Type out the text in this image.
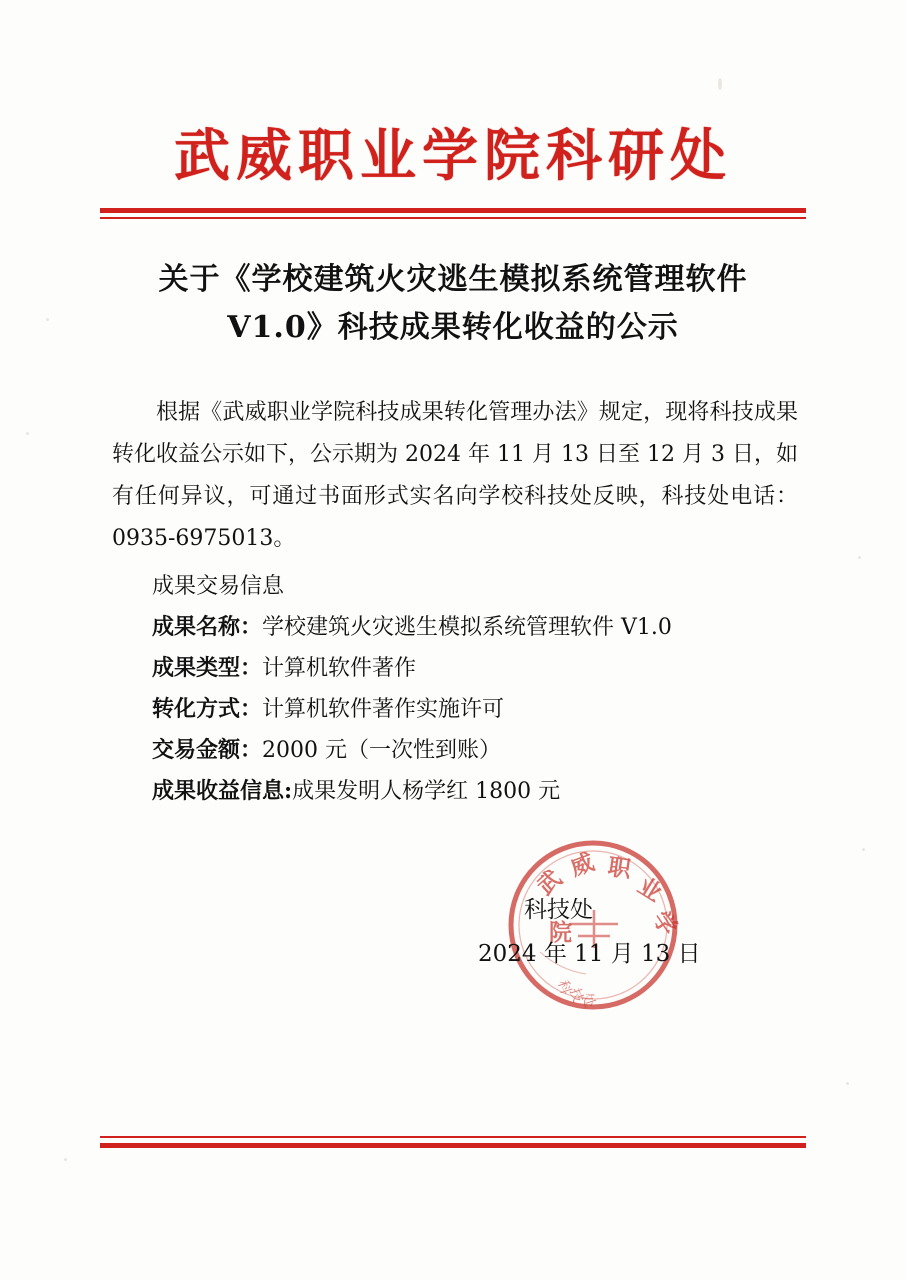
武威职业学院科研处
关于《学校建筑火灾逃生模拟系统管理软件
V1.0》科技成果转化收益的公示

根据《武威职业学院科技成果转化管理办法》规定，现将科技成果转化收益公示如下，公示期为 2024 年 11 月 13 日至 12 月 3 日，如有任何异议，可通过书面形式实名向学校科技处反映，科技处电话：0935-6975013。

成果交易信息
成果名称：学校建筑火灾逃生模拟系统管理软件 V1.0
成果类型：计算机软件著作
转化方式：计算机软件著作实施许可
交易金额：2000 元（一次性到账）
成果收益信息:成果发明人杨学红 1800 元
武 威 职
业
学
院
科
技
处
科技处
2024 年 11 月 13 日
